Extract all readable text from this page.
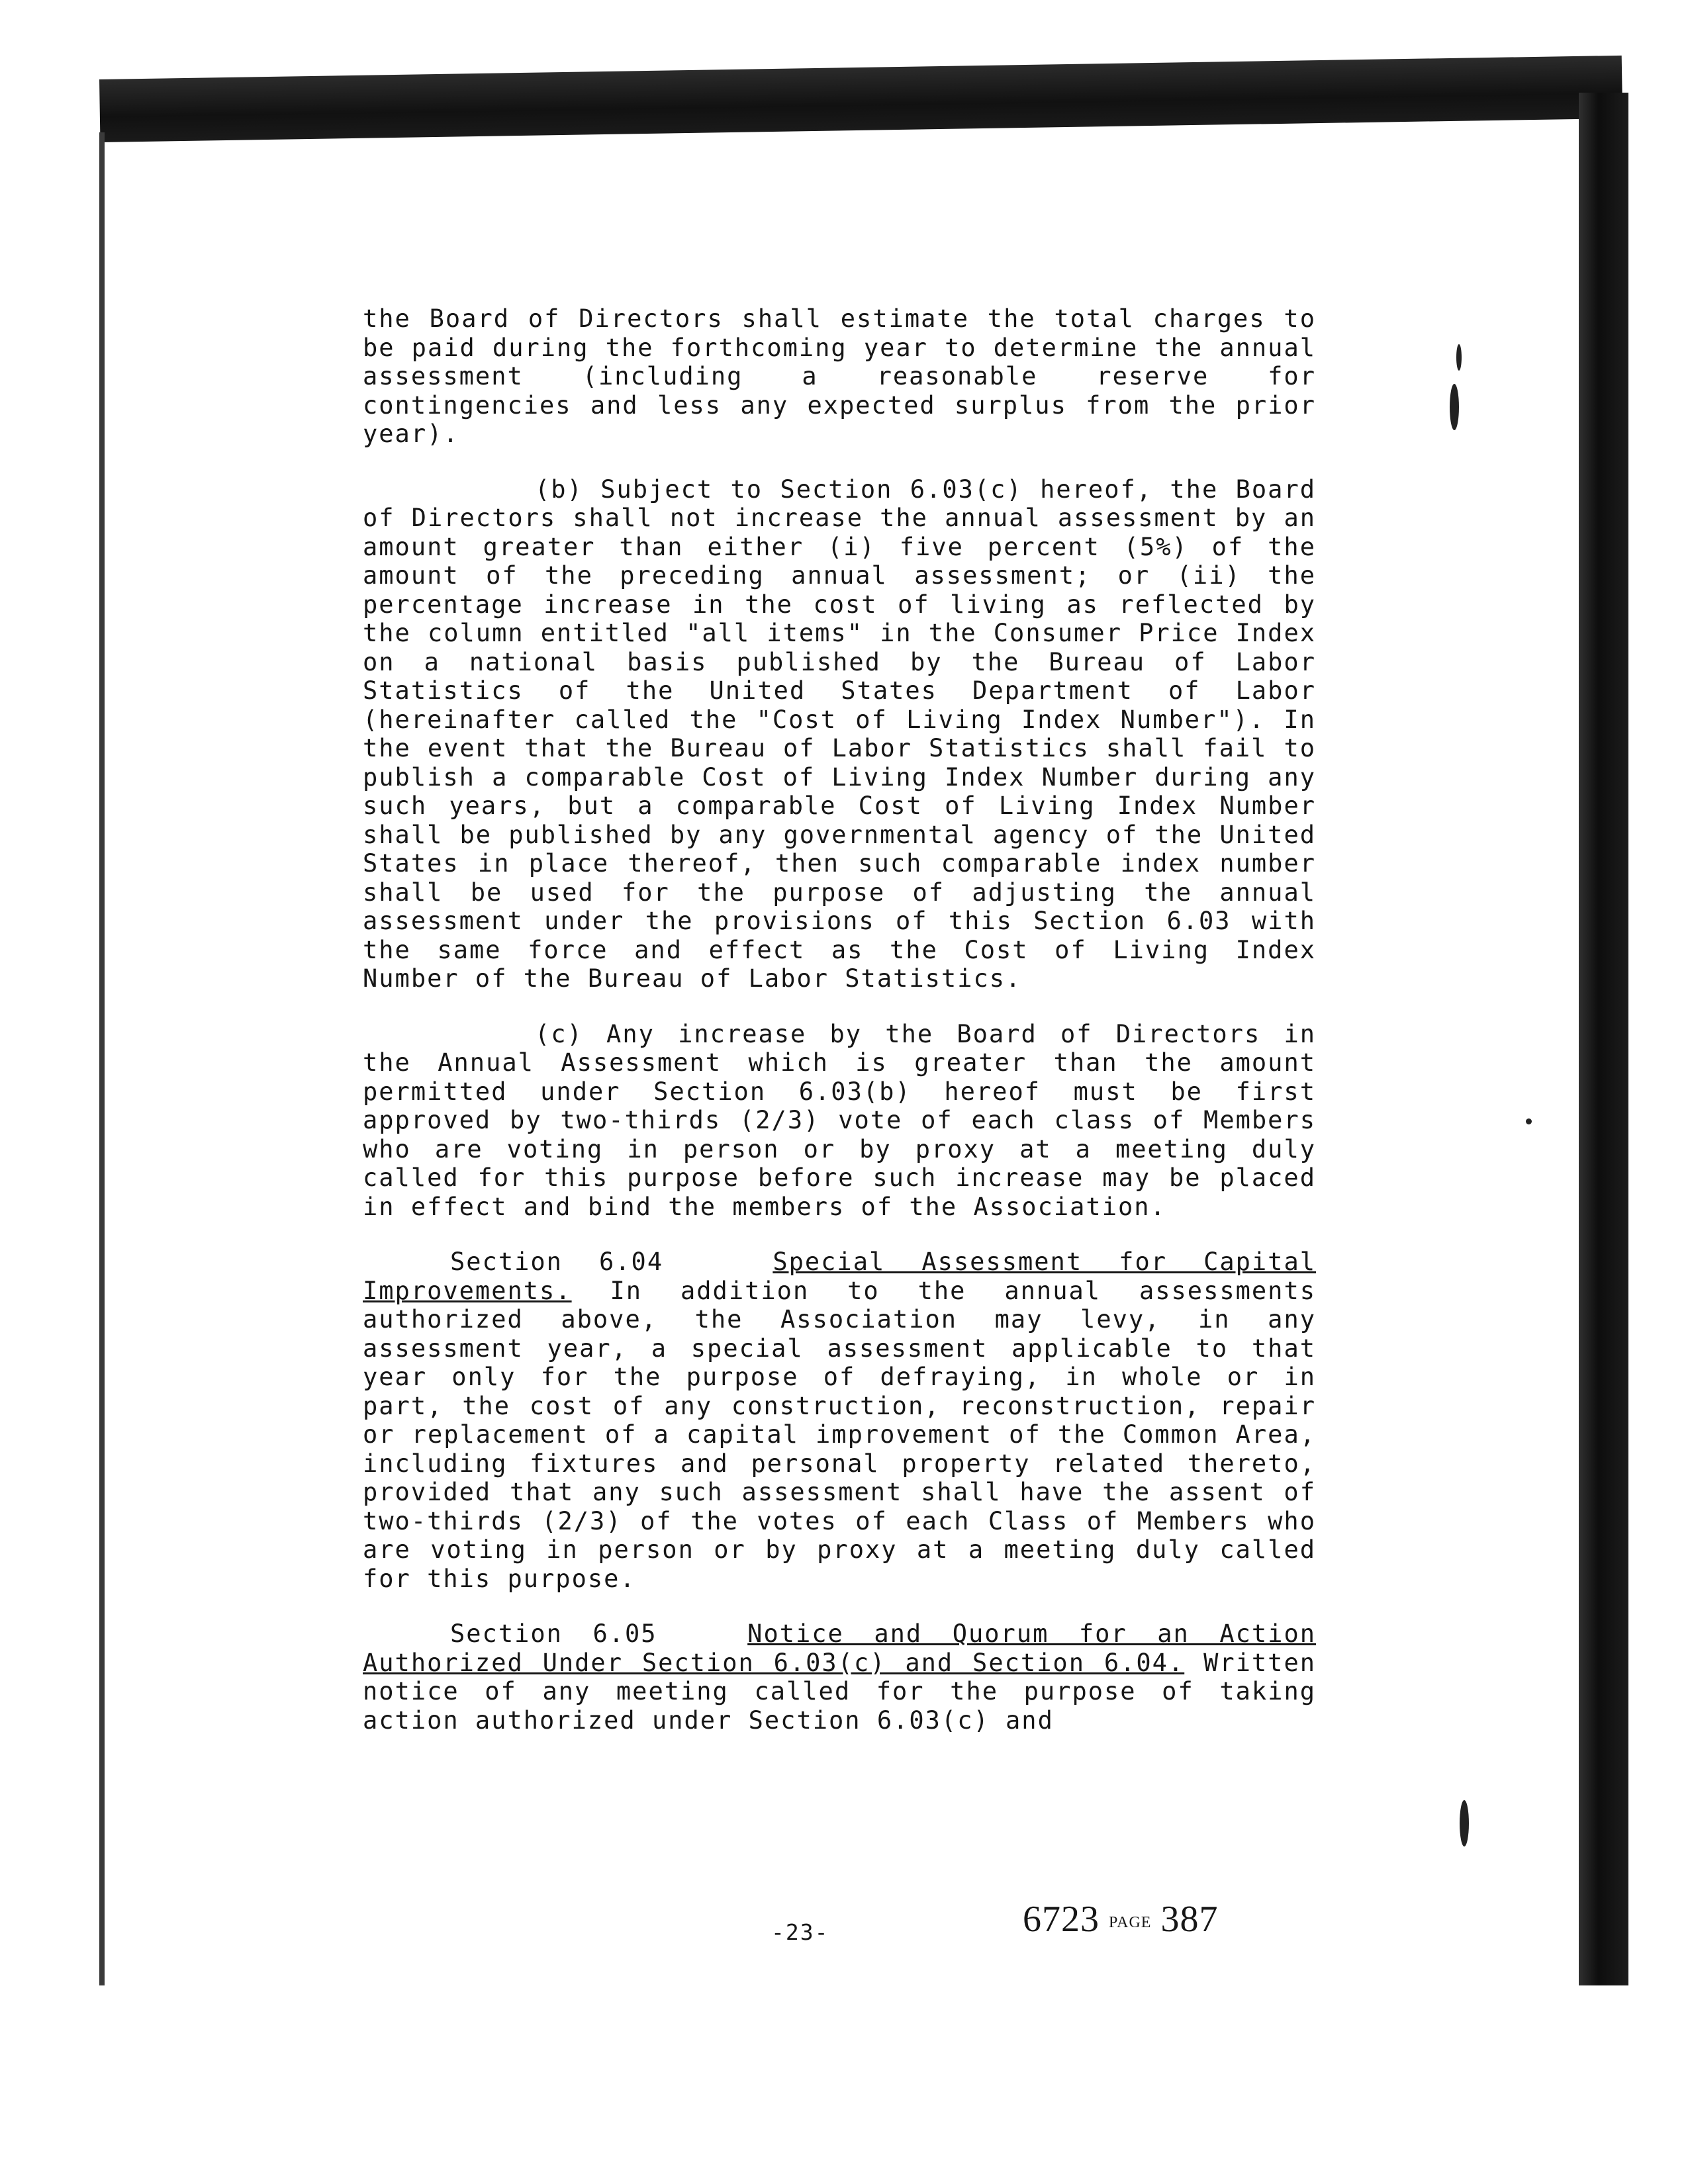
the Board of Directors shall estimate the total charges to be paid during the forthcoming year to determine the annual assessment (including a reasonable reserve for contingencies and less any expected surplus from the prior year).

(b) Subject to Section 6.03(c) hereof, the Board of Directors shall not increase the annual assessment by an amount greater than either (i) five percent (5%) of the amount of the preceding annual assessment; or (ii) the percentage increase in the cost of living as reflected by the column entitled "all items" in the Consumer Price Index on a national basis published by the Bureau of Labor Statistics of the United States Department of Labor (hereinafter called the "Cost of Living Index Number"). In the event that the Bureau of Labor Statistics shall fail to publish a comparable Cost of Living Index Number during any such years, but a comparable Cost of Living Index Number shall be published by any governmental agency of the United States in place thereof, then such comparable index number shall be used for the purpose of adjusting the annual assessment under the provisions of this Section 6.03 with the same force and effect as the Cost of Living Index Number of the Bureau of Labor Statistics.

(c) Any increase by the Board of Directors in the Annual Assessment which is greater than the amount permitted under Section 6.03(b) hereof must be first approved by two-thirds (2/3) vote of each class of Members who are voting in person or by proxy at a meeting duly called for this purpose before such increase may be placed in effect and bind the members of the Association.

Section 6.04	Special Assessment for Capital Improvements. In addition to the annual assessments authorized above, the Association may levy, in any assessment year, a special assessment applicable to that year only for the purpose of defraying, in whole or in part, the cost of any construction, reconstruction, repair or replacement of a capital improvement of the Common Area, including fixtures and personal property related thereto, provided that any such assessment shall have the assent of two-thirds (2/3) of the votes of each Class of Members who are voting in person or by proxy at a meeting duly called for this purpose.

Section 6.05	Notice and Quorum for an Action Authorized Under Section 6.03(c) and Section 6.04. Written notice of any meeting called for the purpose of taking action authorized under Section 6.03(c) and

-23-	6723 PAGE 387
